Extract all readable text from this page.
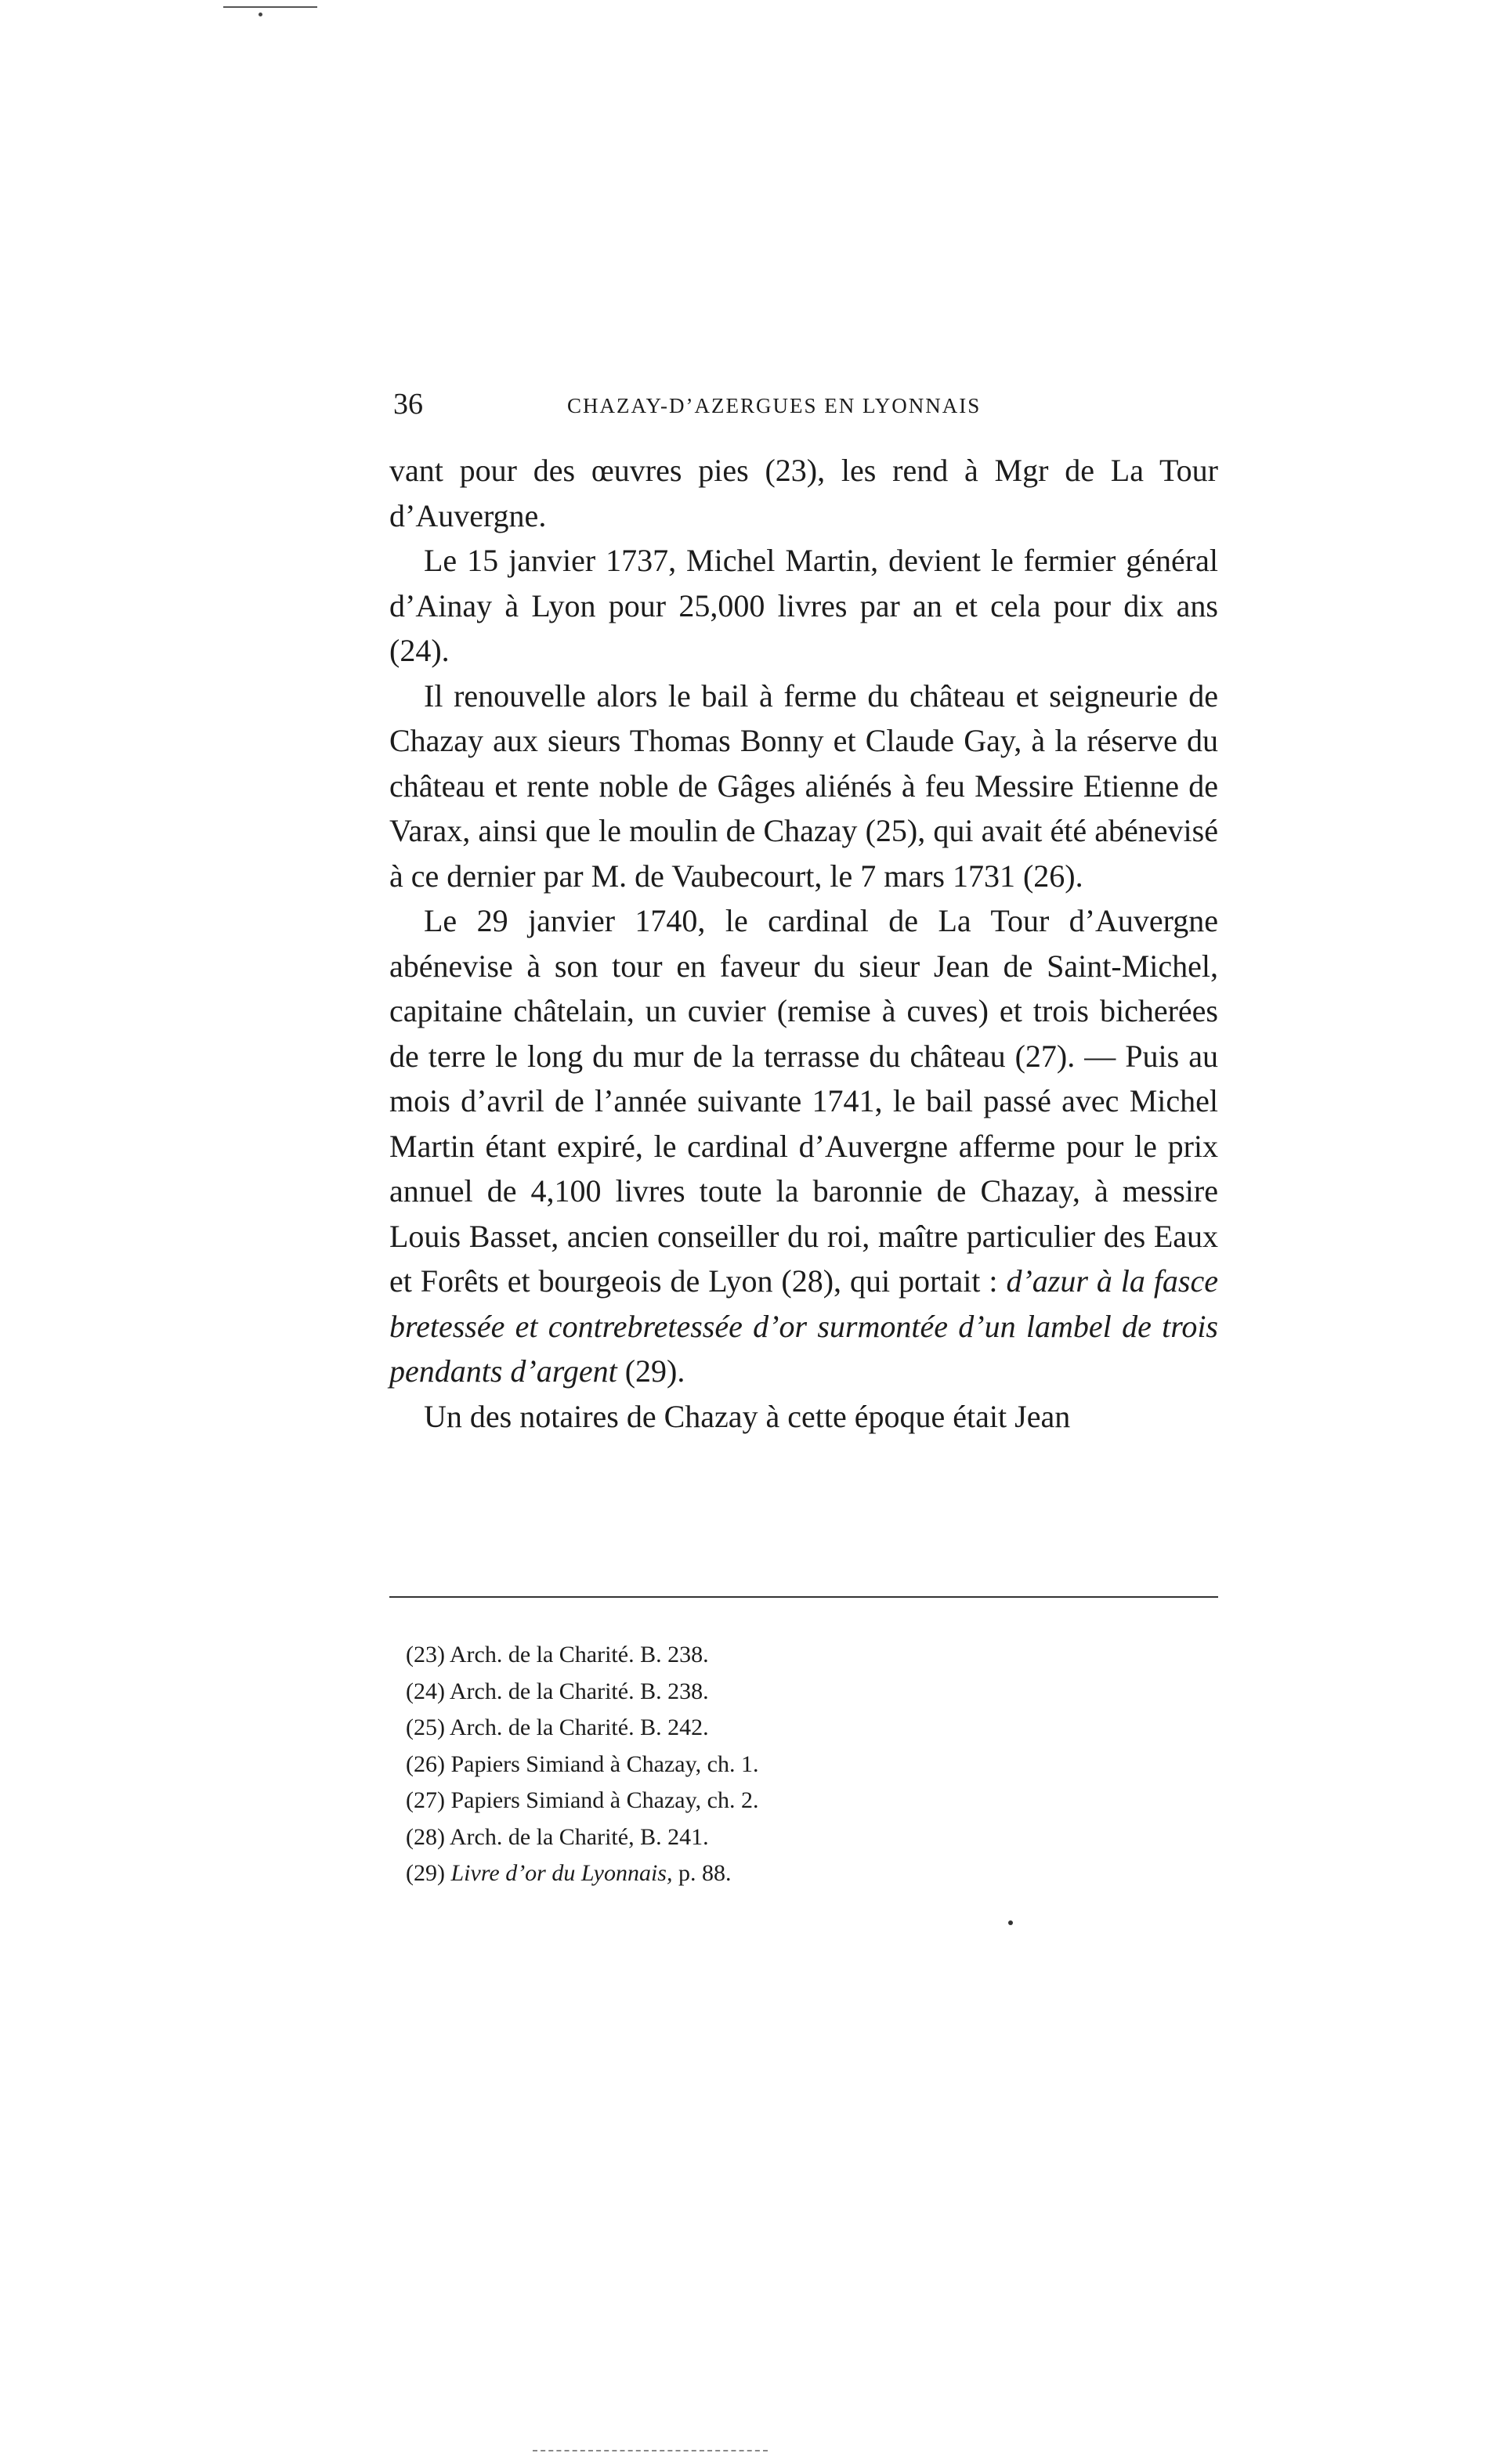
36	CHAZAY-D’AZERGUES EN LYONNAIS

vant pour des œuvres pies (23), les rend à Mgr de La Tour d’Auvergne.

Le 15 janvier 1737, Michel Martin, devient le fermier général d’Ainay à Lyon pour 25,000 livres par an et cela pour dix ans (24).

Il renouvelle alors le bail à ferme du château et seigneurie de Chazay aux sieurs Thomas Bonny et Claude Gay, à la réserve du château et rente noble de Gâges aliénés à feu Messire Etienne de Varax, ainsi que le moulin de Chazay (25), qui avait été abénevisé à ce dernier par M. de Vaubecourt, le 7 mars 1731 (26).

Le 29 janvier 1740, le cardinal de La Tour d’Auvergne abénevise à son tour en faveur du sieur Jean de Saint-Michel, capitaine châtelain, un cuvier (remise à cuves) et trois bicherées de terre le long du mur de la terrasse du château (27). — Puis au mois d’avril de l’année suivante 1741, le bail passé avec Michel Martin étant expiré, le cardinal d’Auvergne afferme pour le prix annuel de 4,100 livres toute la baronnie de Chazay, à messire Louis Basset, ancien conseiller du roi, maître particulier des Eaux et Forêts et bourgeois de Lyon (28), qui portait : d’azur à la fasce bretessée et contrebretessée d’or surmontée d’un lambel de trois pendants d’argent (29).

Un des notaires de Chazay à cette époque était Jean

(23) Arch. de la Charité. B. 238.
(24) Arch. de la Charité. B. 238.
(25) Arch. de la Charité. B. 242.
(26) Papiers Simiand à Chazay, ch. 1.
(27) Papiers Simiand à Chazay, ch. 2.
(28) Arch. de la Charité, B. 241.
(29) Livre d’or du Lyonnais, p. 88.
